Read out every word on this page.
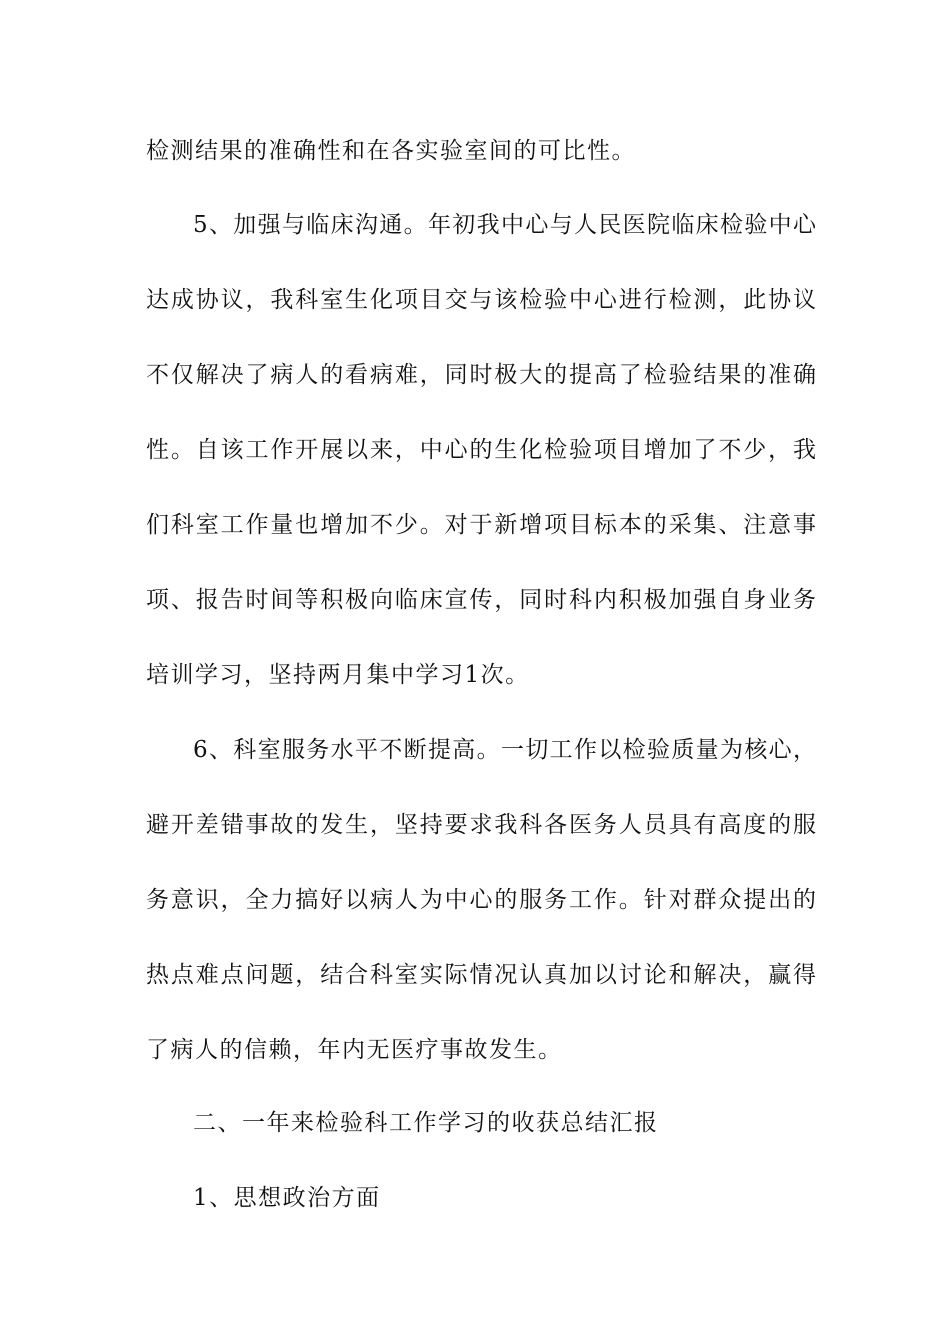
检测结果的准确性和在各实验室间的可比性。
5、加强与临床沟通。年初我中心与人民医院临床检验中心
达成协议，我科室生化项目交与该检验中心进行检测，此协议
不仅解决了病人的看病难，同时极大的提高了检验结果的准确
性。自该工作开展以来，中心的生化检验项目增加了不少，我
们科室工作量也增加不少。对于新增项目标本的采集、注意事
项、报告时间等积极向临床宣传，同时科内积极加强自身业务
培训学习，坚持两月集中学习1次。
6、科室服务水平不断提高。一切工作以检验质量为核心，
避开差错事故的发生，坚持要求我科各医务人员具有高度的服
务意识，全力搞好以病人为中心的服务工作。针对群众提出的
热点难点问题，结合科室实际情况认真加以讨论和解决，赢得
了病人的信赖，年内无医疗事故发生。
二、一年来检验科工作学习的收获总结汇报
1、思想政治方面
